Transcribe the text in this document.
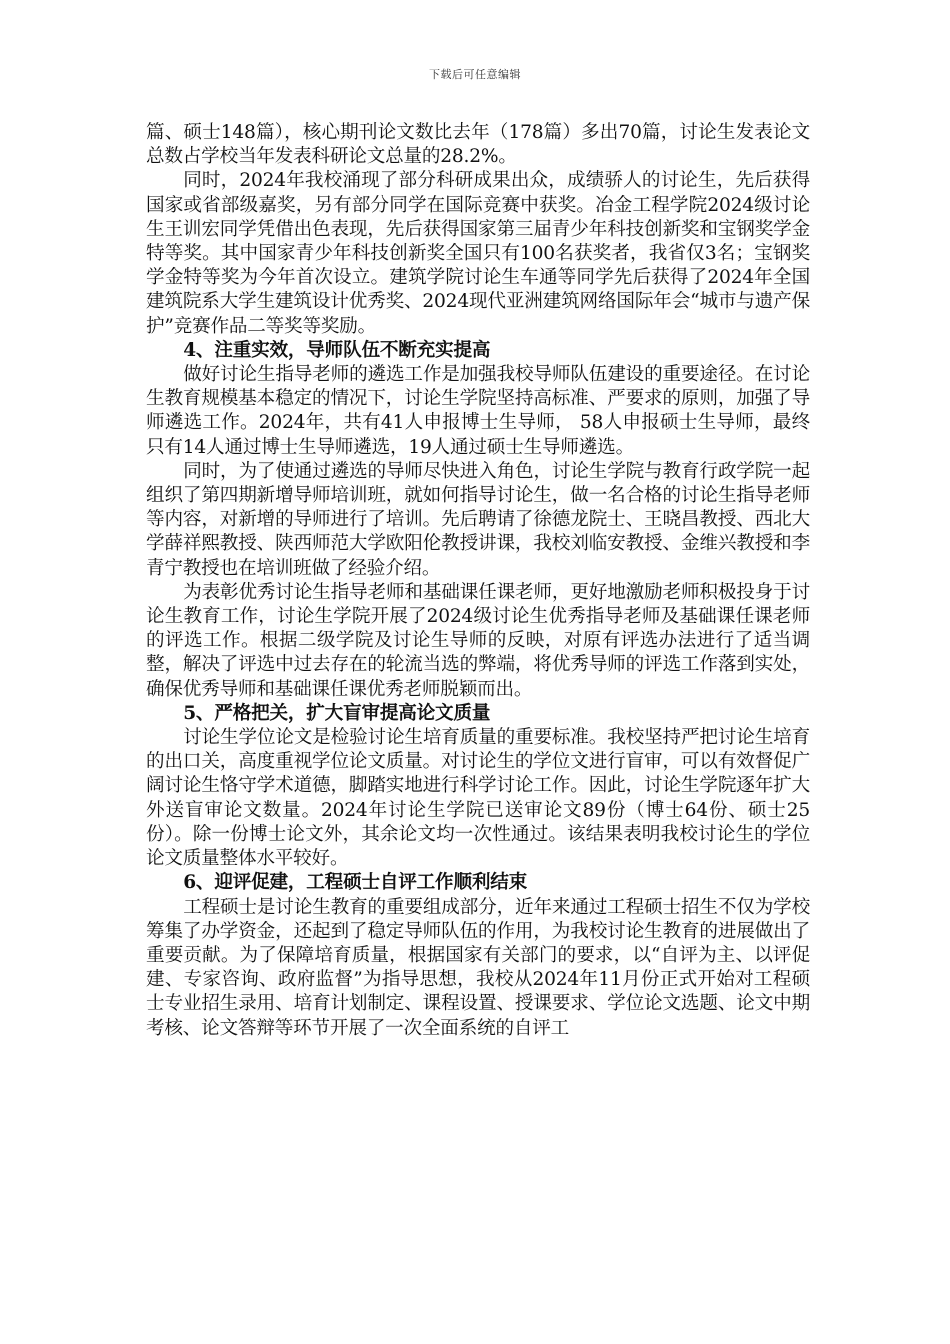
下载后可任意编辑

篇、硕士148篇），核心期刊论文数比去年（178篇）多出70篇，讨论生发表论文总数占学校当年发表科研论文总量的28.2%。

同时，2024年我校涌现了部分科研成果出众，成绩骄人的讨论生，先后获得国家或省部级嘉奖，另有部分同学在国际竞赛中获奖。冶金工程学院2024级讨论生王训宏同学凭借出色表现，先后获得国家第三届青少年科技创新奖和宝钢奖学金特等奖。其中国家青少年科技创新奖全国只有100名获奖者，我省仅3名；宝钢奖学金特等奖为今年首次设立。建筑学院讨论生车通等同学先后获得了2024年全国建筑院系大学生建筑设计优秀奖、2024现代亚洲建筑网络国际年会“城市与遗产保护”竞赛作品二等奖等奖励。

4、注重实效，导师队伍不断充实提高

做好讨论生指导老师的遴选工作是加强我校导师队伍建设的重要途径。在讨论生教育规模基本稳定的情况下，讨论生学院坚持高标准、严要求的原则，加强了导师遴选工作。2024年，共有41人申报博士生导师， 58人申报硕士生导师，最终只有14人通过博士生导师遴选，19人通过硕士生导师遴选。

同时，为了使通过遴选的导师尽快进入角色，讨论生学院与教育行政学院一起组织了第四期新增导师培训班，就如何指导讨论生，做一名合格的讨论生指导老师等内容，对新增的导师进行了培训。先后聘请了徐德龙院士、王晓昌教授、西北大学薛祥熙教授、陕西师范大学欧阳伦教授讲课，我校刘临安教授、金维兴教授和李青宁教授也在培训班做了经验介绍。

为表彰优秀讨论生指导老师和基础课任课老师，更好地激励老师积极投身于讨论生教育工作，讨论生学院开展了2024级讨论生优秀指导老师及基础课任课老师的评选工作。根据二级学院及讨论生导师的反映，对原有评选办法进行了适当调整，解决了评选中过去存在的轮流当选的弊端，将优秀导师的评选工作落到实处，确保优秀导师和基础课任课优秀老师脱颖而出。

5、严格把关，扩大盲审提高论文质量

讨论生学位论文是检验讨论生培育质量的重要标准。我校坚持严把讨论生培育的出口关，高度重视学位论文质量。对讨论生的学位文进行盲审，可以有效督促广阔讨论生恪守学术道德，脚踏实地进行科学讨论工作。因此，讨论生学院逐年扩大外送盲审论文数量。2024年讨论生学院已送审论文89份（博士64份、硕士25份）。除一份博士论文外，其余论文均一次性通过。该结果表明我校讨论生的学位论文质量整体水平较好。

6、迎评促建，工程硕士自评工作顺利结束

工程硕士是讨论生教育的重要组成部分，近年来通过工程硕士招生不仅为学校筹集了办学资金，还起到了稳定导师队伍的作用，为我校讨论生教育的进展做出了重要贡献。为了保障培育质量，根据国家有关部门的要求，以“自评为主、以评促建、专家咨询、政府监督”为指导思想，我校从2024年11月份正式开始对工程硕士专业招生录用、培育计划制定、课程设置、授课要求、学位论文选题、论文中期考核、论文答辩等环节开展了一次全面系统的自评工
